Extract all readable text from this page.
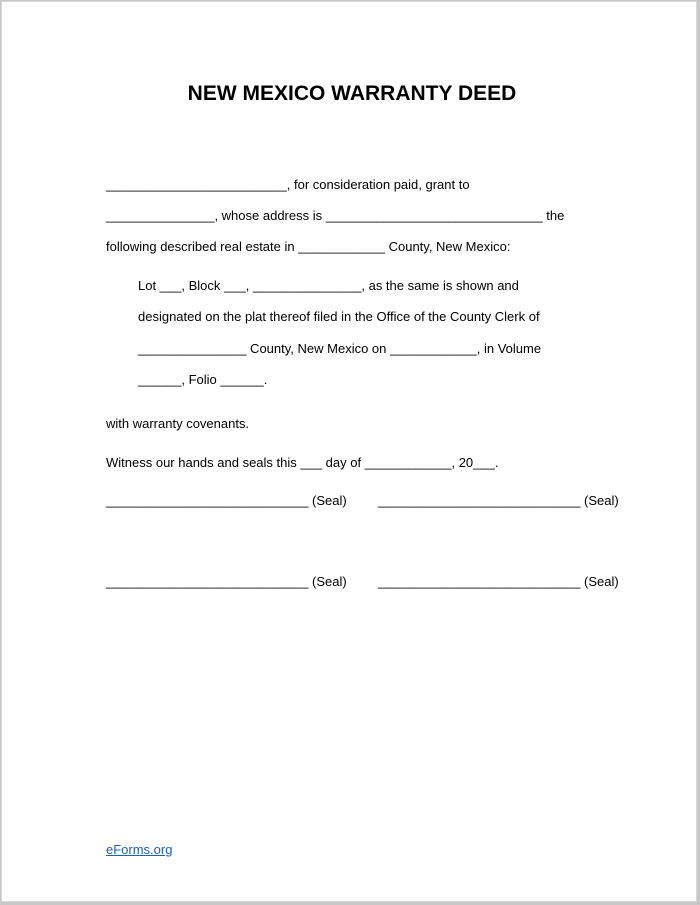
NEW MEXICO WARRANTY DEED
_________________________, for consideration paid, grant to
_______________, whose address is ______________________________ the
following described real estate in ____________ County, New Mexico:
Lot ___, Block ___, _______________, as the same is shown and
designated on the plat thereof filed in the Office of the County Clerk of
_______________ County, New Mexico on ____________, in Volume
______, Folio ______.
with warranty covenants.
Witness our hands and seals this ___ day of ____________, 20___.
____________________________ (Seal) ____________________________ (Seal)
____________________________ (Seal) ____________________________ (Seal)
eForms.org
